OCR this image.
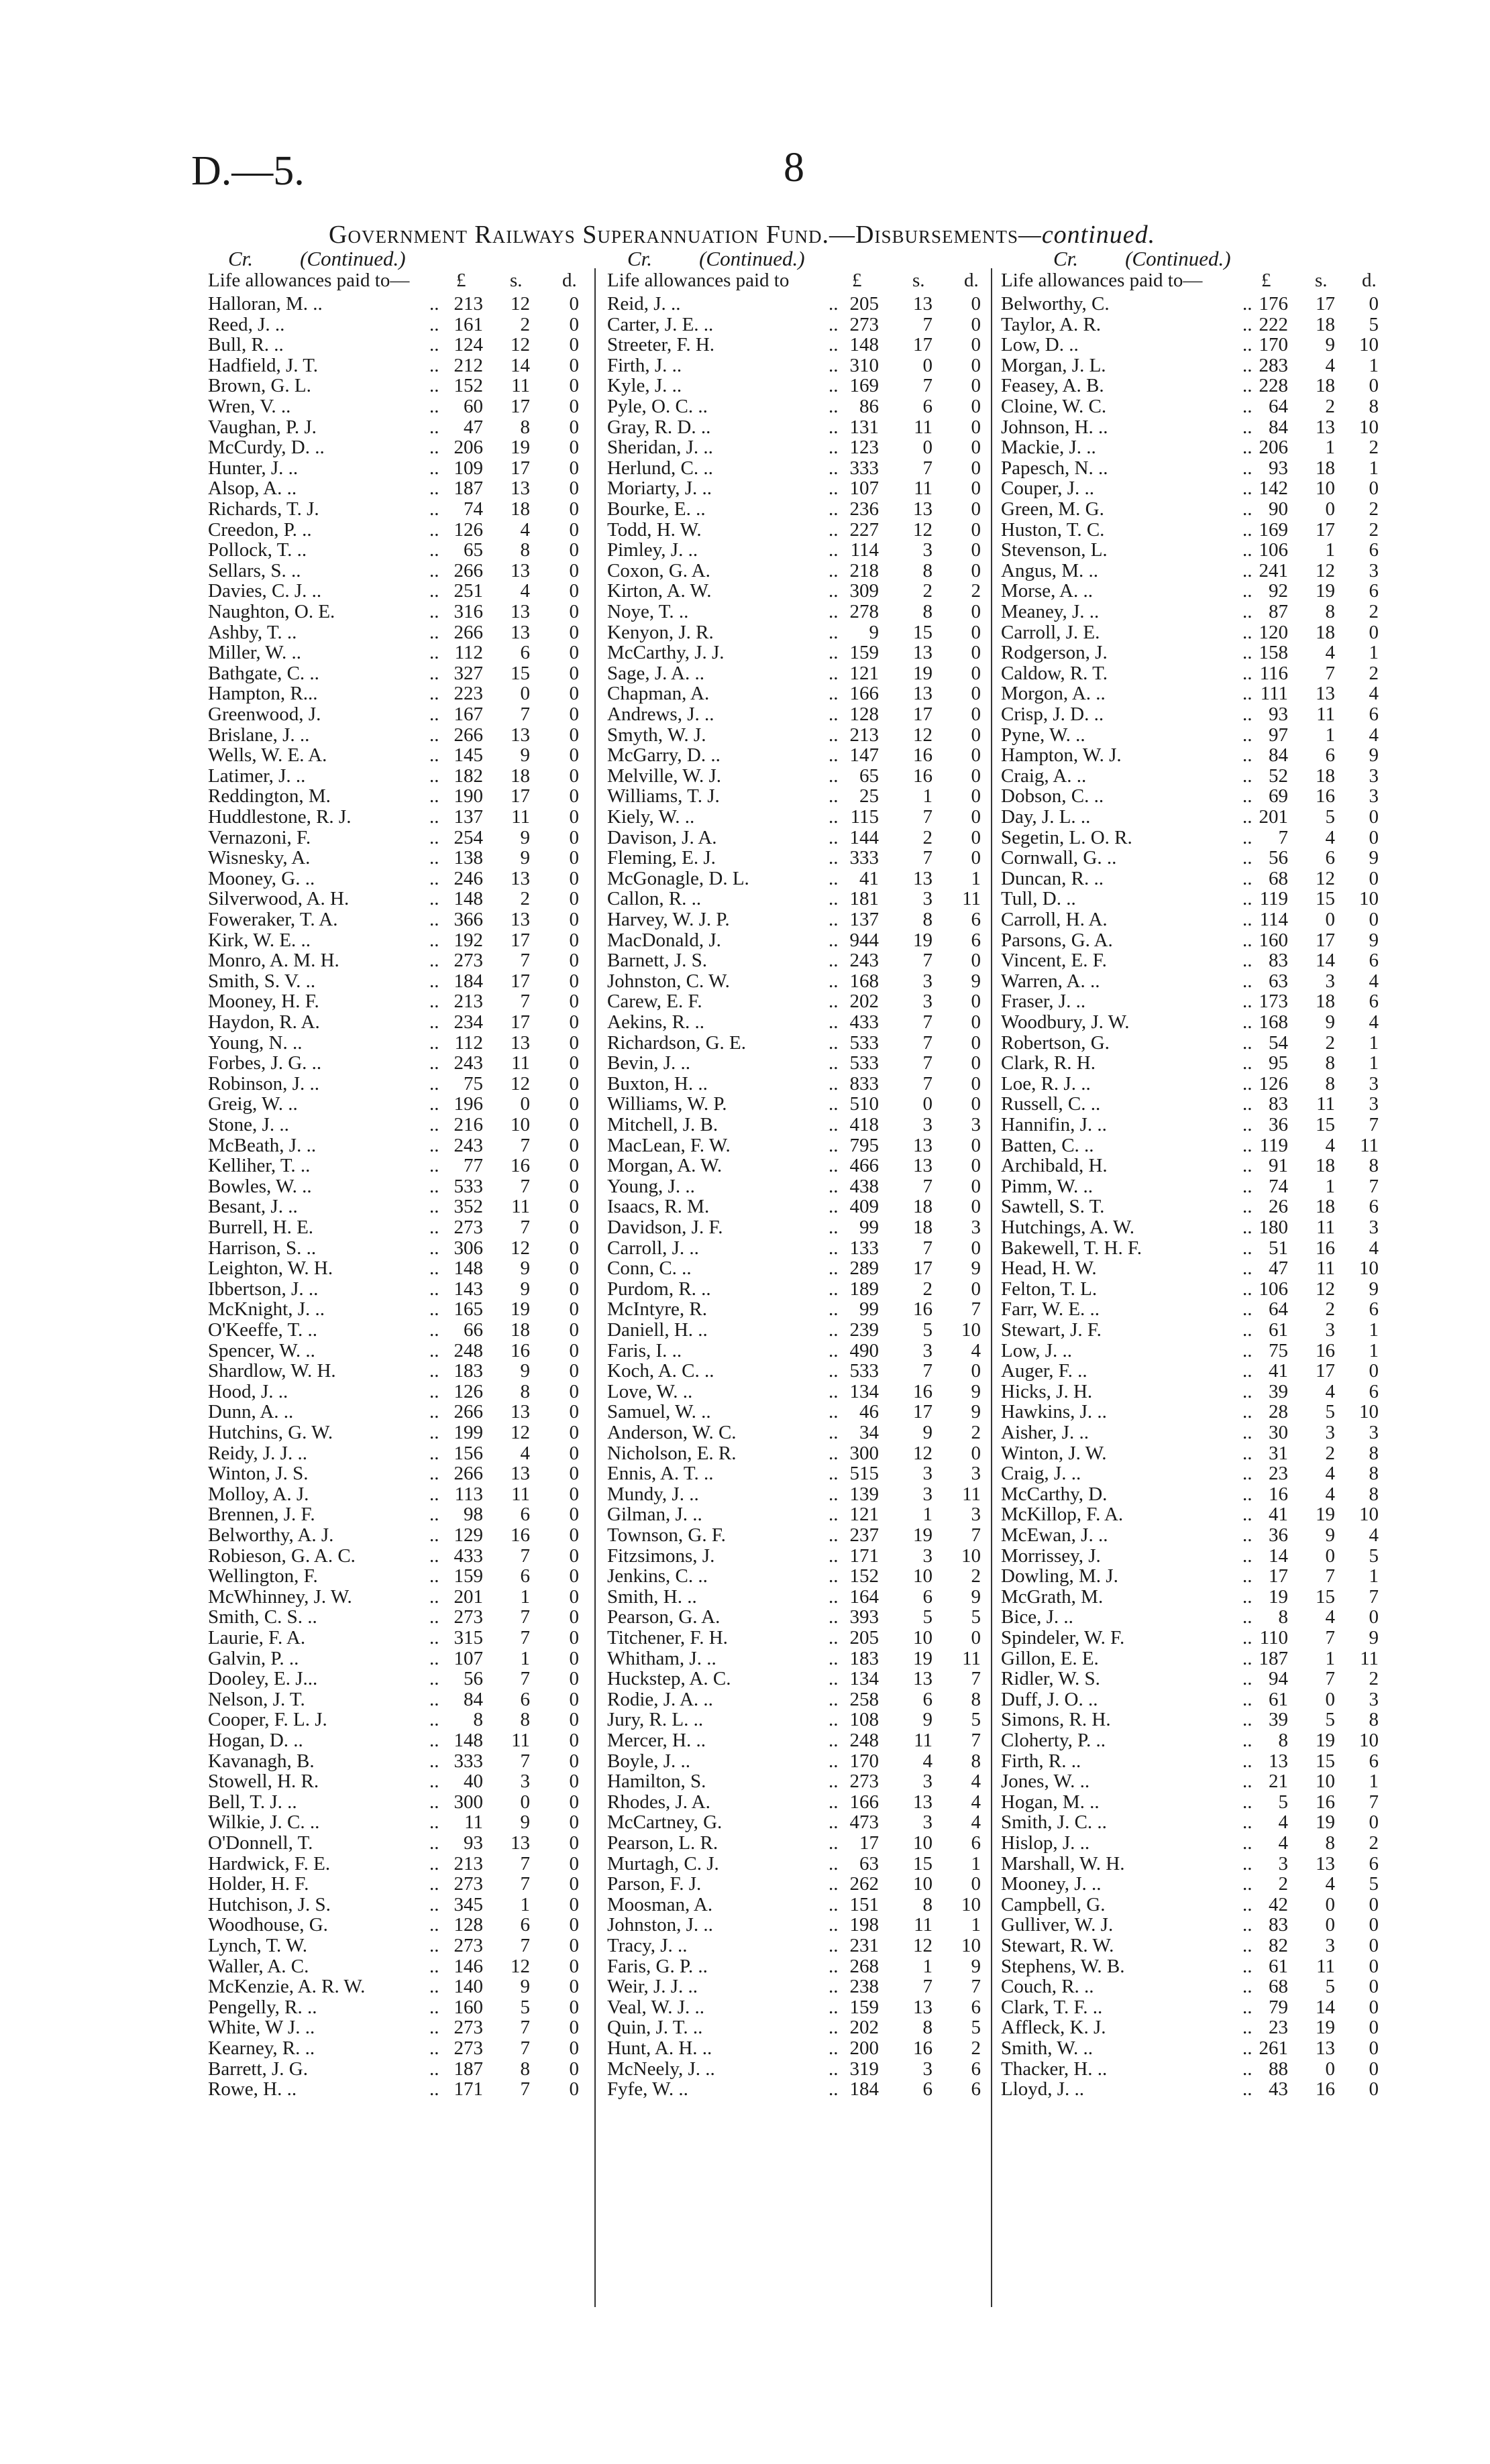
D.—5.	8
Government Railways Superannuation Fund.—Disbursements—continued.
Cr. (Continued.)
Life allowances paid to— £ s. d.
Halloran, M. ..	.. 213	12	0
Reed, J. ..	.. 161	2	0
Bull, R. ..	.. 124	12	0
Hadfield, J. T.	.. 212	14	0
Brown, G. L.	.. 152	11	0
Wren, V. ..	..	60	17	0
Vaughan, P. J.	..	47	8	0
McCurdy, D. ..	.. 206	19	0
Hunter, J. ..	.. 109	17	0
Alsop, A. ..	.. 187	13	0
Richards, T. J.	..	74	18	0
Creedon, P. ..	.. 126	4	0
Pollock, T. ..	..	65	8	0
Sellars, S. ..	.. 266	13	0
Davies, C. J. ..	.. 251	4	0
Naughton, O. E.	.. 316	13	0
Ashby, T. ..	.. 266	13	0
Miller, W. ..	.. 112	6	0
Bathgate, C. ..	.. 327	15	0
Hampton, R...	.. 223	0	0
Greenwood, J.	.. 167	7	0
Brislane, J. ..	.. 266	13	0
Wells, W. E. A.	.. 145	9	0
Latimer, J. ..	.. 182	18	0
Reddington, M.	.. 190	17	0
Huddlestone, R. J.	.. 137	11	0
Vernazoni, F.	.. 254	9	0
Wisnesky, A.	.. 138	9	0
Mooney, G. ..	.. 246	13	0
Silverwood, A. H.	.. 148	2	0
Foweraker, T. A.	.. 366	13	0
Kirk, W. E. ..	.. 192	17	0
Monro, A. M. H.	.. 273	7	0
Smith, S. V. ..	.. 184	17	0
Mooney, H. F.	.. 213	7	0
Haydon, R. A.	.. 234	17	0
Young, N. ..	.. 112	13	0
Forbes, J. G. ..	.. 243	11	0
Robinson, J. ..	..	75	12	0
Greig, W. ..	.. 196	0	0
Stone, J. ..	.. 216	10	0
McBeath, J. ..	.. 243	7	0
Kelliher, T. ..	..	77	16	0
Bowles, W. ..	.. 533	7	0
Besant, J. ..	.. 352	11	0
Burrell, H. E.	.. 273	7	0
Harrison, S. ..	.. 306	12	0
Leighton, W. H.	.. 148	9	0
Ibbertson, J. ..	.. 143	9	0
McKnight, J. ..	.. 165	19	0
O'Keeffe, T. ..	..	66	18	0
Spencer, W. ..	.. 248	16	0
Shardlow, W. H.	.. 183	9	0
Hood, J. ..	.. 126	8	0
Dunn, A. ..	.. 266	13	0
Hutchins, G. W.	.. 199	12	0
Reidy, J. J. ..	.. 156	4	0
Winton, J. S.	.. 266	13	0
Molloy, A. J.	.. 113	11	0
Brennen, J. F.	..	98	6	0
Belworthy, A. J.	.. 129	16	0
Robieson, G. A. C.	.. 433	7	0
Wellington, F.	.. 159	6	0
McWhinney, J. W.	.. 201	1	0
Smith, C. S. ..	.. 273	7	0
Laurie, F. A.	.. 315	7	0
Galvin, P. ..	.. 107	1	0
Dooley, E. J...	..	56	7	0
Nelson, J. T.	..	84	6	0
Cooper, F. L. J.	..	8	8	0
Hogan, D. ..	.. 148	11	0
Kavanagh, B.	.. 333	7	0
Stowell, H. R.	..	40	3	0
Bell, T. J. ..	.. 300	0	0
Wilkie, J. C. ..	..	11	9	0
O'Donnell, T.	..	93	13	0
Hardwick, F. E.	.. 213	7	0
Holder, H. F.	.. 273	7	0
Hutchison, J. S.	.. 345	1	0
Woodhouse, G.	.. 128	6	0
Lynch, T. W.	.. 273	7	0
Waller, A. C.	.. 146	12	0
McKenzie, A. R. W.	.. 140	9	0
Pengelly, R. ..	.. 160	5	0
White, W J. ..	.. 273	7	0
Kearney, R. ..	.. 273	7	0
Barrett, J. G.	.. 187	8	0
Rowe, H. ..	.. 171	7	0
Cr. (Continued.)
Life allowances paid to	£	s. d.
Reid, J. ..	.. 205	13	0
Carter, J. E. ..	.. 273	7	0
Streeter, F. H.	.. 148	17	0
Firth, J. ..	.. 310	0	0
Kyle, J. ..	.. 169	7	0
Pyle, O. C. ..	..	86	6	0
Gray, R. D. ..	.. 131	11	0
Sheridan, J. ..	.. 123	0	0
Herlund, C. ..	.. 333	7	0
Moriarty, J. ..	.. 107	11	0
Bourke, E. ..	.. 236	13	0
Todd, H. W.	.. 227	12	0
Pimley, J. ..	.. 114	3	0
Coxon, G. A.	.. 218	8	0
Kirton, A. W.	.. 309	2	2
Noye, T. ..	.. 278	8	0
Kenyon, J. R.	..	9	15	0
McCarthy, J. J.	.. 159	13	0
Sage, J. A. ..	.. 121	19	0
Chapman, A.	.. 166	13	0
Andrews, J. ..	.. 128	17	0
Smyth, W. J.	.. 213	12	0
McGarry, D. ..	.. 147	16	0
Melville, W. J.	..	65	16	0
Williams, T. J.	..	25	1	0
Kiely, W. ..	.. 115	7	0
Davison, J. A.	.. 144	2	0
Fleming, E. J.	.. 333	7	0
McGonagle, D. L.	..	41	13	1
Callon, R. ..	.. 181	3 11
Harvey, W. J. P.	.. 137	8	6
MacDonald, J.	.. 944	19	6
Barnett, J. S.	.. 243	7	0
Johnston, C. W.	.. 168	3	9
Carew, E. F.	.. 202	3	0
Aekins, R. ..	.. 433	7	0
Richardson, G. E.	.. 533	7	0
Bevin, J. ..	.. 533	7	0
Buxton, H. ..	.. 833	7	0
Williams, W. P.	.. 510	0	0
Mitchell, J. B.	.. 418	3	3
MacLean, F. W.	.. 795	13	0
Morgan, A. W.	.. 466	13	0
Young, J. ..	.. 438	7	0
Isaacs, R. M.	.. 409	18	0
Davidson, J. F.	..	99	18	3
Carroll, J. ..	.. 133	7	0
Conn, C. ..	.. 289	17	9
Purdom, R. ..	.. 189	2	0
McIntyre, R.	..	99	16	7
Daniell, H. ..	.. 239	5 10
Faris, I. ..	.. 490	3	4
Koch, A. C. ..	.. 533	7	0
Love, W. ..	.. 134	16	9
Samuel, W. ..	..	46	17	9
Anderson, W. C.	..	34	9	2
Nicholson, E. R.	.. 300	12	0
Ennis, A. T. ..	.. 515	3	3
Mundy, J. ..	.. 139	3 11
Gilman, J. ..	.. 121	1	3
Townson, G. F.	.. 237	19	7
Fitzsimons, J.	.. 171	3 10
Jenkins, C. ..	.. 152	10	2
Smith, H. ..	.. 164	6	9
Pearson, G. A.	.. 393	5	5
Titchener, F. H.	.. 205	10	0
Whitham, J. ..	.. 183	19 11
Huckstep, A. C.	.. 134	13	7
Rodie, J. A. ..	.. 258	6	8
Jury, R. L. ..	.. 108	9	5
Mercer, H. ..	.. 248	11	7
Boyle, J. ..	.. 170	4	8
Hamilton, S.	.. 273	3	4
Rhodes, J. A.	.. 166	13	4
McCartney, G.	.. 473	3	4
Pearson, L. R.	..	17	10	6
Murtagh, C. J.	..	63	15	1
Parson, F. J.	.. 262	10	0
Moosman, A.	.. 151	8 10
Johnston, J. ..	.. 198	11	1
Tracy, J. ..	.. 231	12 10
Faris, G. P. ..	.. 268	1	9
Weir, J. J. ..	.. 238	7	7
Veal, W. J. ..	.. 159	13	6
Quin, J. T. ..	.. 202	8	5
Hunt, A. H. ..	.. 200	16	2
McNeely, J. ..	.. 319	3	6
Fyfe, W. ..	.. 184	6	6
Cr. (Continued.)
Life allowances paid to—	£ s. d.
Belworthy, C.	.. 176	17	0
Taylor, A. R.	.. 222	18	5
Low, D. ..	.. 170	9 10
Morgan, J. L.	.. 283	4	1
Feasey, A. B.	.. 228	18	0
Cloine, W. C.	.. 64	2	8
Johnson, H. ..	.. 84	13 10
Mackie, J. ..	.. 206	1	2
Papesch, N. ..	.. 93	18	1
Couper, J. ..	.. 142	10	0
Green, M. G.	.. 90	0	2
Huston, T. C.	.. 169	17	2
Stevenson, L.	.. 106	1	6
Angus, M. ..	.. 241	12	3
Morse, A. ..	.. 92	19	6
Meaney, J. ..	.. 87	8	2
Carroll, J. E.	.. 120	18	0
Rodgerson, J.	.. 158	4	1
Caldow, R. T.	.. 116	7	2
Morgon, A. ..	.. 111	13	4
Crisp, J. D. ..	.. 93	11	6
Pyne, W. ..	.. 97	1	4
Hampton, W. J.	.. 84	6	9
Craig, A. ..	.. 52	18	3
Dobson, C. ..	.. 69	16	3
Day, J. L. ..	.. 201	5	0
Segetin, L. O. R.	..	7	4	0
Cornwall, G. ..	.. 56	6	9
Duncan, R. ..	.. 68	12	0
Tull, D. ..	.. 119	15 10
Carroll, H. A.	.. 114	0	0
Parsons, G. A.	.. 160	17	9
Vincent, E. F.	.. 83	14	6
Warren, A. ..	.. 63	3	4
Fraser, J. ..	.. 173	18	6
Woodbury, J. W.	.. 168	9	4
Robertson, G.	.. 54	2	1
Clark, R. H.	.. 95	8	1
Loe, R. J. ..	.. 126	8	3
Russell, C. ..	.. 83	11	3
Hannifin, J. ..	.. 36	15	7
Batten, C. ..	.. 119	4 11
Archibald, H.	.. 91	18	8
Pimm, W. ..	.. 74	1	7
Sawtell, S. T.	.. 26	18	6
Hutchings, A. W.	.. 180	11	3
Bakewell, T. H. F.	.. 51	16	4
Head, H. W.	.. 47	11 10
Felton, T. L.	.. 106	12	9
Farr, W. E. ..	.. 64	2	6
Stewart, J. F.	.. 61	3	1
Low, J. ..	.. 75	16	1
Auger, F. ..	.. 41	17	0
Hicks, J. H.	.. 39	4	6
Hawkins, J. ..	.. 28	5 10
Aisher, J. ..	.. 30	3	3
Winton, J. W.	.. 31	2	8
Craig, J. ..	.. 23	4	8
McCarthy, D.	.. 16	4	8
McKillop, F. A.	.. 41	19 10
McEwan, J. ..	.. 36	9	4
Morrissey, J.	.. 14	0	5
Dowling, M. J.	.. 17	7	1
McGrath, M.	.. 19	15	7
Bice, J. ..	..	8	4	0
Spindeler, W. F.	.. 110	7	9
Gillon, E. E.	.. 187	1 11
Ridler, W. S.	.. 94	7	2
Duff, J. O. ..	.. 61	0	3
Simons, R. H.	.. 39	5	8
Cloherty, P. ..	..	8	19 10
Firth, R. ..	.. 13	15	6
Jones, W. ..	.. 21	10	1
Hogan, M. ..	..	5	16	7
Smith, J. C. ..	..	4	19	0
Hislop, J. ..	..	4	8	2
Marshall, W. H.	..	3	13	6
Mooney, J. ..	..	2	4	5
Campbell, G.	.. 42	0	0
Gulliver, W. J.	.. 83	0	0
Stewart, R. W.	.. 82	3	0
Stephens, W. B.	.. 61	11	0
Couch, R. ..	.. 68	5	0
Clark, T. F. ..	.. 79	14	0
Affleck, K. J.	.. 23	19	0
Smith, W. ..	.. 261	13	0
Thacker, H. ..	.. 88	0	0
Lloyd, J. ..	.. 43	16	0
